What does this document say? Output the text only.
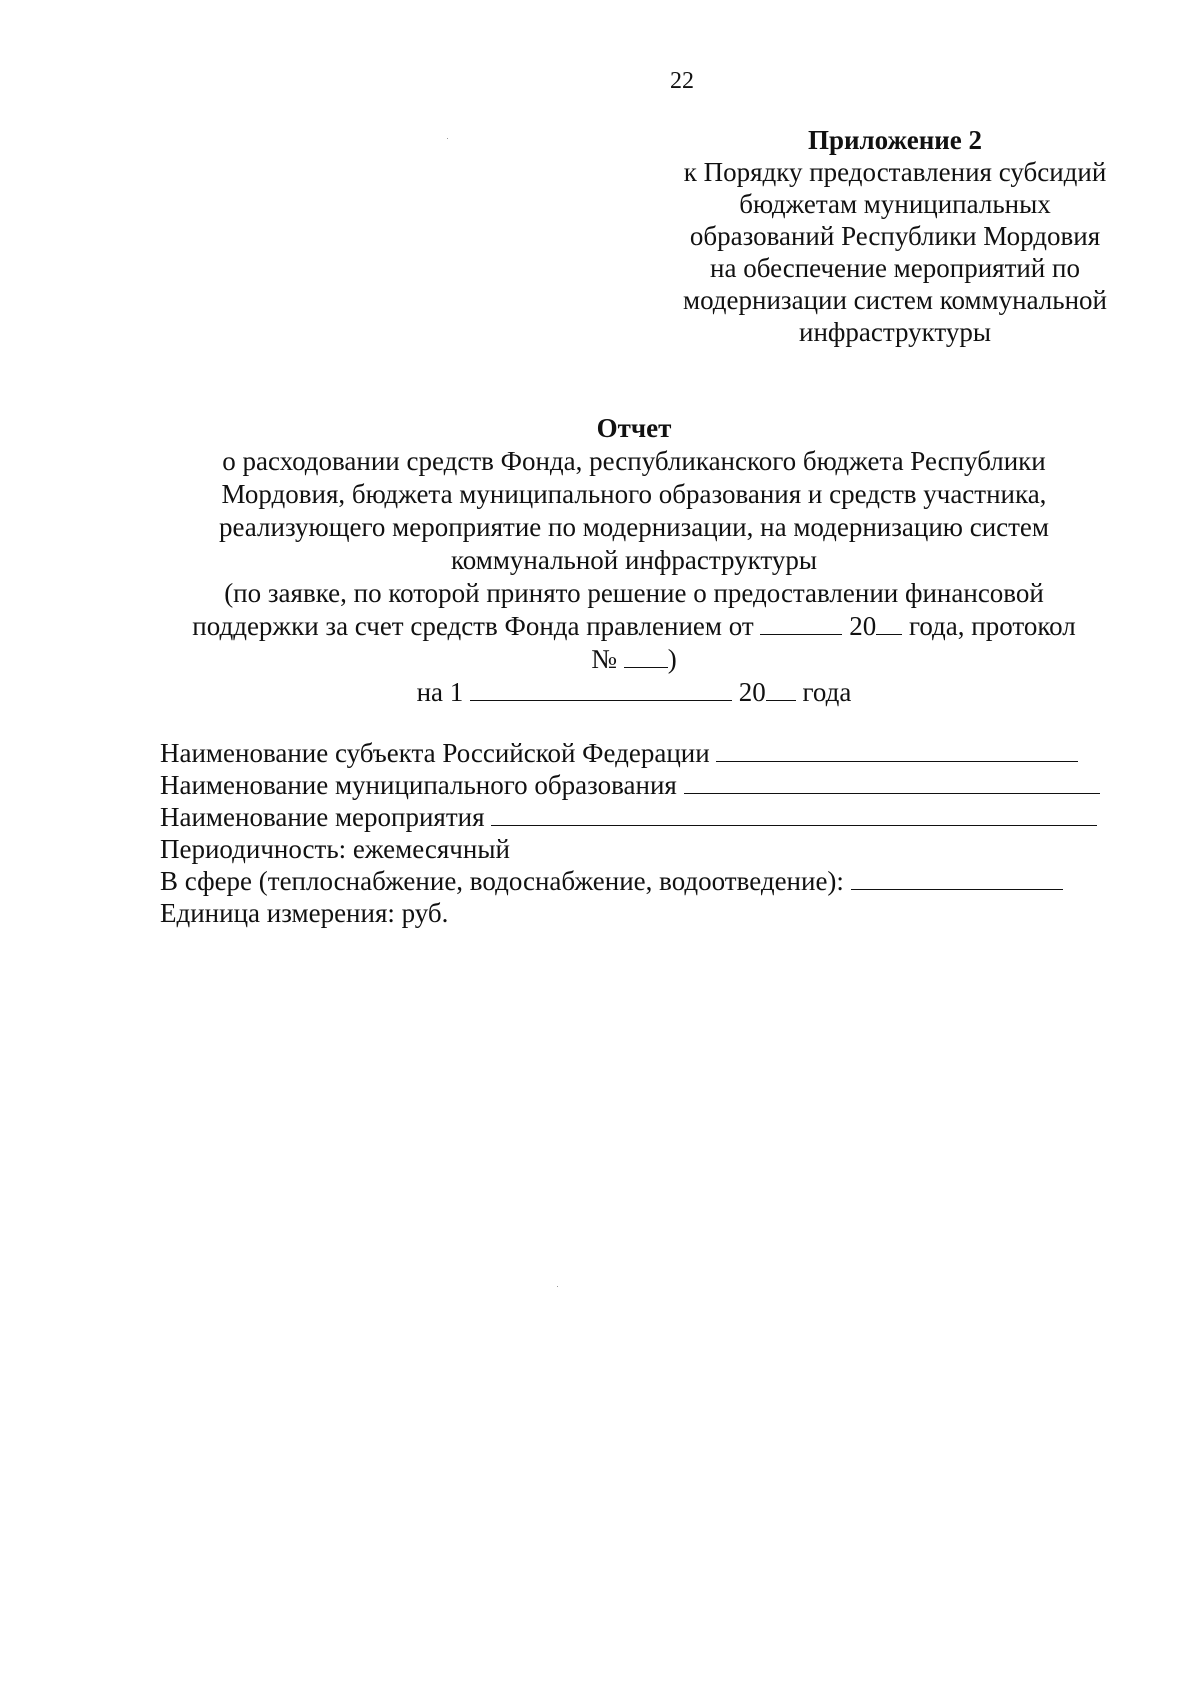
22
Приложение 2
к Порядку предоставления субсидий
бюджетам муниципальных
образований Республики Мордовия
на обеспечение мероприятий по
модернизации систем коммунальной
инфраструктуры
Отчет
о расходовании средств Фонда, республиканского бюджета Республики
Мордовия, бюджета муниципального образования и средств участника,
реализующего мероприятие по модернизации, на модернизацию систем
коммунальной инфраструктуры
(по заявке, по которой принято решение о предоставлении финансовой
поддержки за счет средств Фонда правлением от	20 года, протокол
№ )
на 1	20 года
Наименование субъекта Российской Федерации
Наименование муниципального образования
Наименование мероприятия
Периодичность: ежемесячный
В сфере (теплоснабжение, водоснабжение, водоотведение):
Единица измерения: руб.
